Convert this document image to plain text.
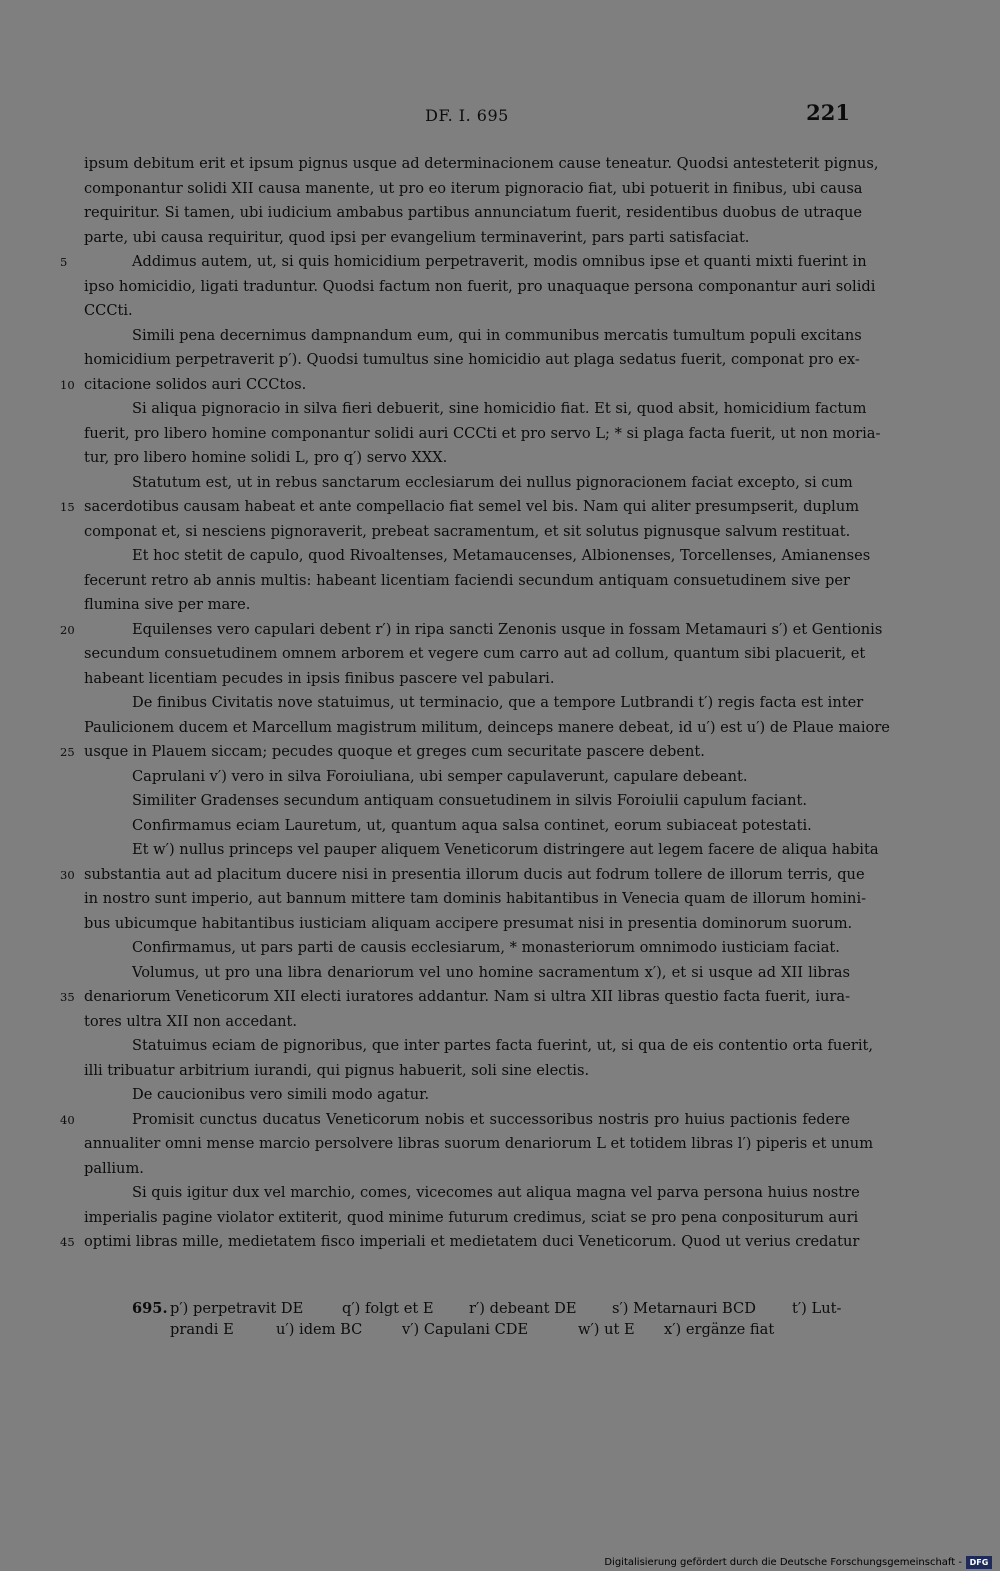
DF. I. 695	221
ipsum debitum erit et ipsum pignus usque ad determinacionem cause teneatur. Quodsi antesteterit pignus,
componantur solidi XII causa manente, ut pro eo iterum pignoracio fiat, ubi potuerit in finibus, ubi causa
requiritur. Si tamen, ubi iudicium ambabus partibus annunciatum fuerit, residentibus duobus de utraque
parte, ubi causa requiritur, quod ipsi per evangelium terminaverint, pars parti satisfaciat.
5	Addimus autem, ut, si quis homicidium perpetraverit, modis omnibus ipse et quanti mixti fuerint in
ipso homicidio, ligati traduntur. Quodsi factum non fuerit, pro unaquaque persona componantur auri solidi
CCCti.
Simili pena decernimus dampnandum eum, qui in communibus mercatis tumultum populi excitans
homicidium perpetraverit p′). Quodsi tumultus sine homicidio aut plaga sedatus fuerit, componat pro ex-
10 citacione solidos auri CCCtos.
Si aliqua pignoracio in silva fieri debuerit, sine homicidio fiat. Et si, quod absit, homicidium factum
fuerit, pro libero homine componantur solidi auri CCCti et pro servo L; * si plaga facta fuerit, ut non moria-
tur, pro libero homine solidi L, pro q′) servo XXX.
Statutum est, ut in rebus sanctarum ecclesiarum dei nullus pignoracionem faciat excepto, si cum
15 sacerdotibus causam habeat et ante compellacio fiat semel vel bis. Nam qui aliter presumpserit, duplum
componat et, si nesciens pignoraverit, prebeat sacramentum, et sit solutus pignusque salvum restituat.
Et hoc stetit de capulo, quod Rivoaltenses, Metamaucenses, Albionenses, Torcellenses, Amianenses
fecerunt retro ab annis multis: habeant licentiam faciendi secundum antiquam consuetudinem sive per
flumina sive per mare.
20	Equilenses vero capulari debent r′) in ripa sancti Zenonis usque in fossam Metamauri s′) et Gentionis
secundum consuetudinem omnem arborem et vegere cum carro aut ad collum, quantum sibi placuerit, et
habeant licentiam pecudes in ipsis finibus pascere vel pabulari.
De finibus Civitatis nove statuimus, ut terminacio, que a tempore Lutbrandi t′) regis facta est inter
Paulicionem ducem et Marcellum magistrum militum, deinceps manere debeat, id u′) est u′) de Plaue maiore
25 usque in Plauem siccam; pecudes quoque et greges cum securitate pascere debent.
Caprulani v′) vero in silva Foroiuliana, ubi semper capulaverunt, capulare debeant.
Similiter Gradenses secundum antiquam consuetudinem in silvis Foroiulii capulum faciant.
Confirmamus eciam Lauretum, ut, quantum aqua salsa continet, eorum subiaceat potestati.
Et w′) nullus princeps vel pauper aliquem Veneticorum distringere aut legem facere de aliqua habita
30 substantia aut ad placitum ducere nisi in presentia illorum ducis aut fodrum tollere de illorum terris, que
in nostro sunt imperio, aut bannum mittere tam dominis habitantibus in Venecia quam de illorum homini-
bus ubicumque habitantibus iusticiam aliquam accipere presumat nisi in presentia dominorum suorum.
Confirmamus, ut pars parti de causis ecclesiarum, * monasteriorum omnimodo iusticiam faciat.
Volumus, ut pro una libra denariorum vel uno homine sacramentum x′), et si usque ad XII libras
35 denariorum Veneticorum XII electi iuratores addantur. Nam si ultra XII libras questio facta fuerit, iura-
tores ultra XII non accedant.
Statuimus eciam de pignoribus, que inter partes facta fuerint, ut, si qua de eis contentio orta fuerit,
illi tribuatur arbitrium iurandi, qui pignus habuerit, soli sine electis.
De caucionibus vero simili modo agatur.
40	Promisit cunctus ducatus Veneticorum nobis et successoribus nostris pro huius pactionis federe
annualiter omni mense marcio persolvere libras suorum denariorum L et totidem libras l′) piperis et unum
pallium.
Si quis igitur dux vel marchio, comes, vicecomes aut aliqua magna vel parva persona huius nostre
imperialis pagine violator extiterit, quod minime futurum credimus, sciat se pro pena conpositurum auri
45 optimi libras mille, medietatem fisco imperiali et medietatem duci Veneticorum. Quod ut verius credatur
695. p′) perpetravit DE	q′) folgt et E r′) debeant DE s′) Metarnauri BCD t′) Lut-
prandi E	u′) idem BC	v′) Capulani CDE	w′) ut E x′) ergänze fiat
Digitalisierung gefördert durch die Deutsche Forschungsgemeinschaft - DFG
